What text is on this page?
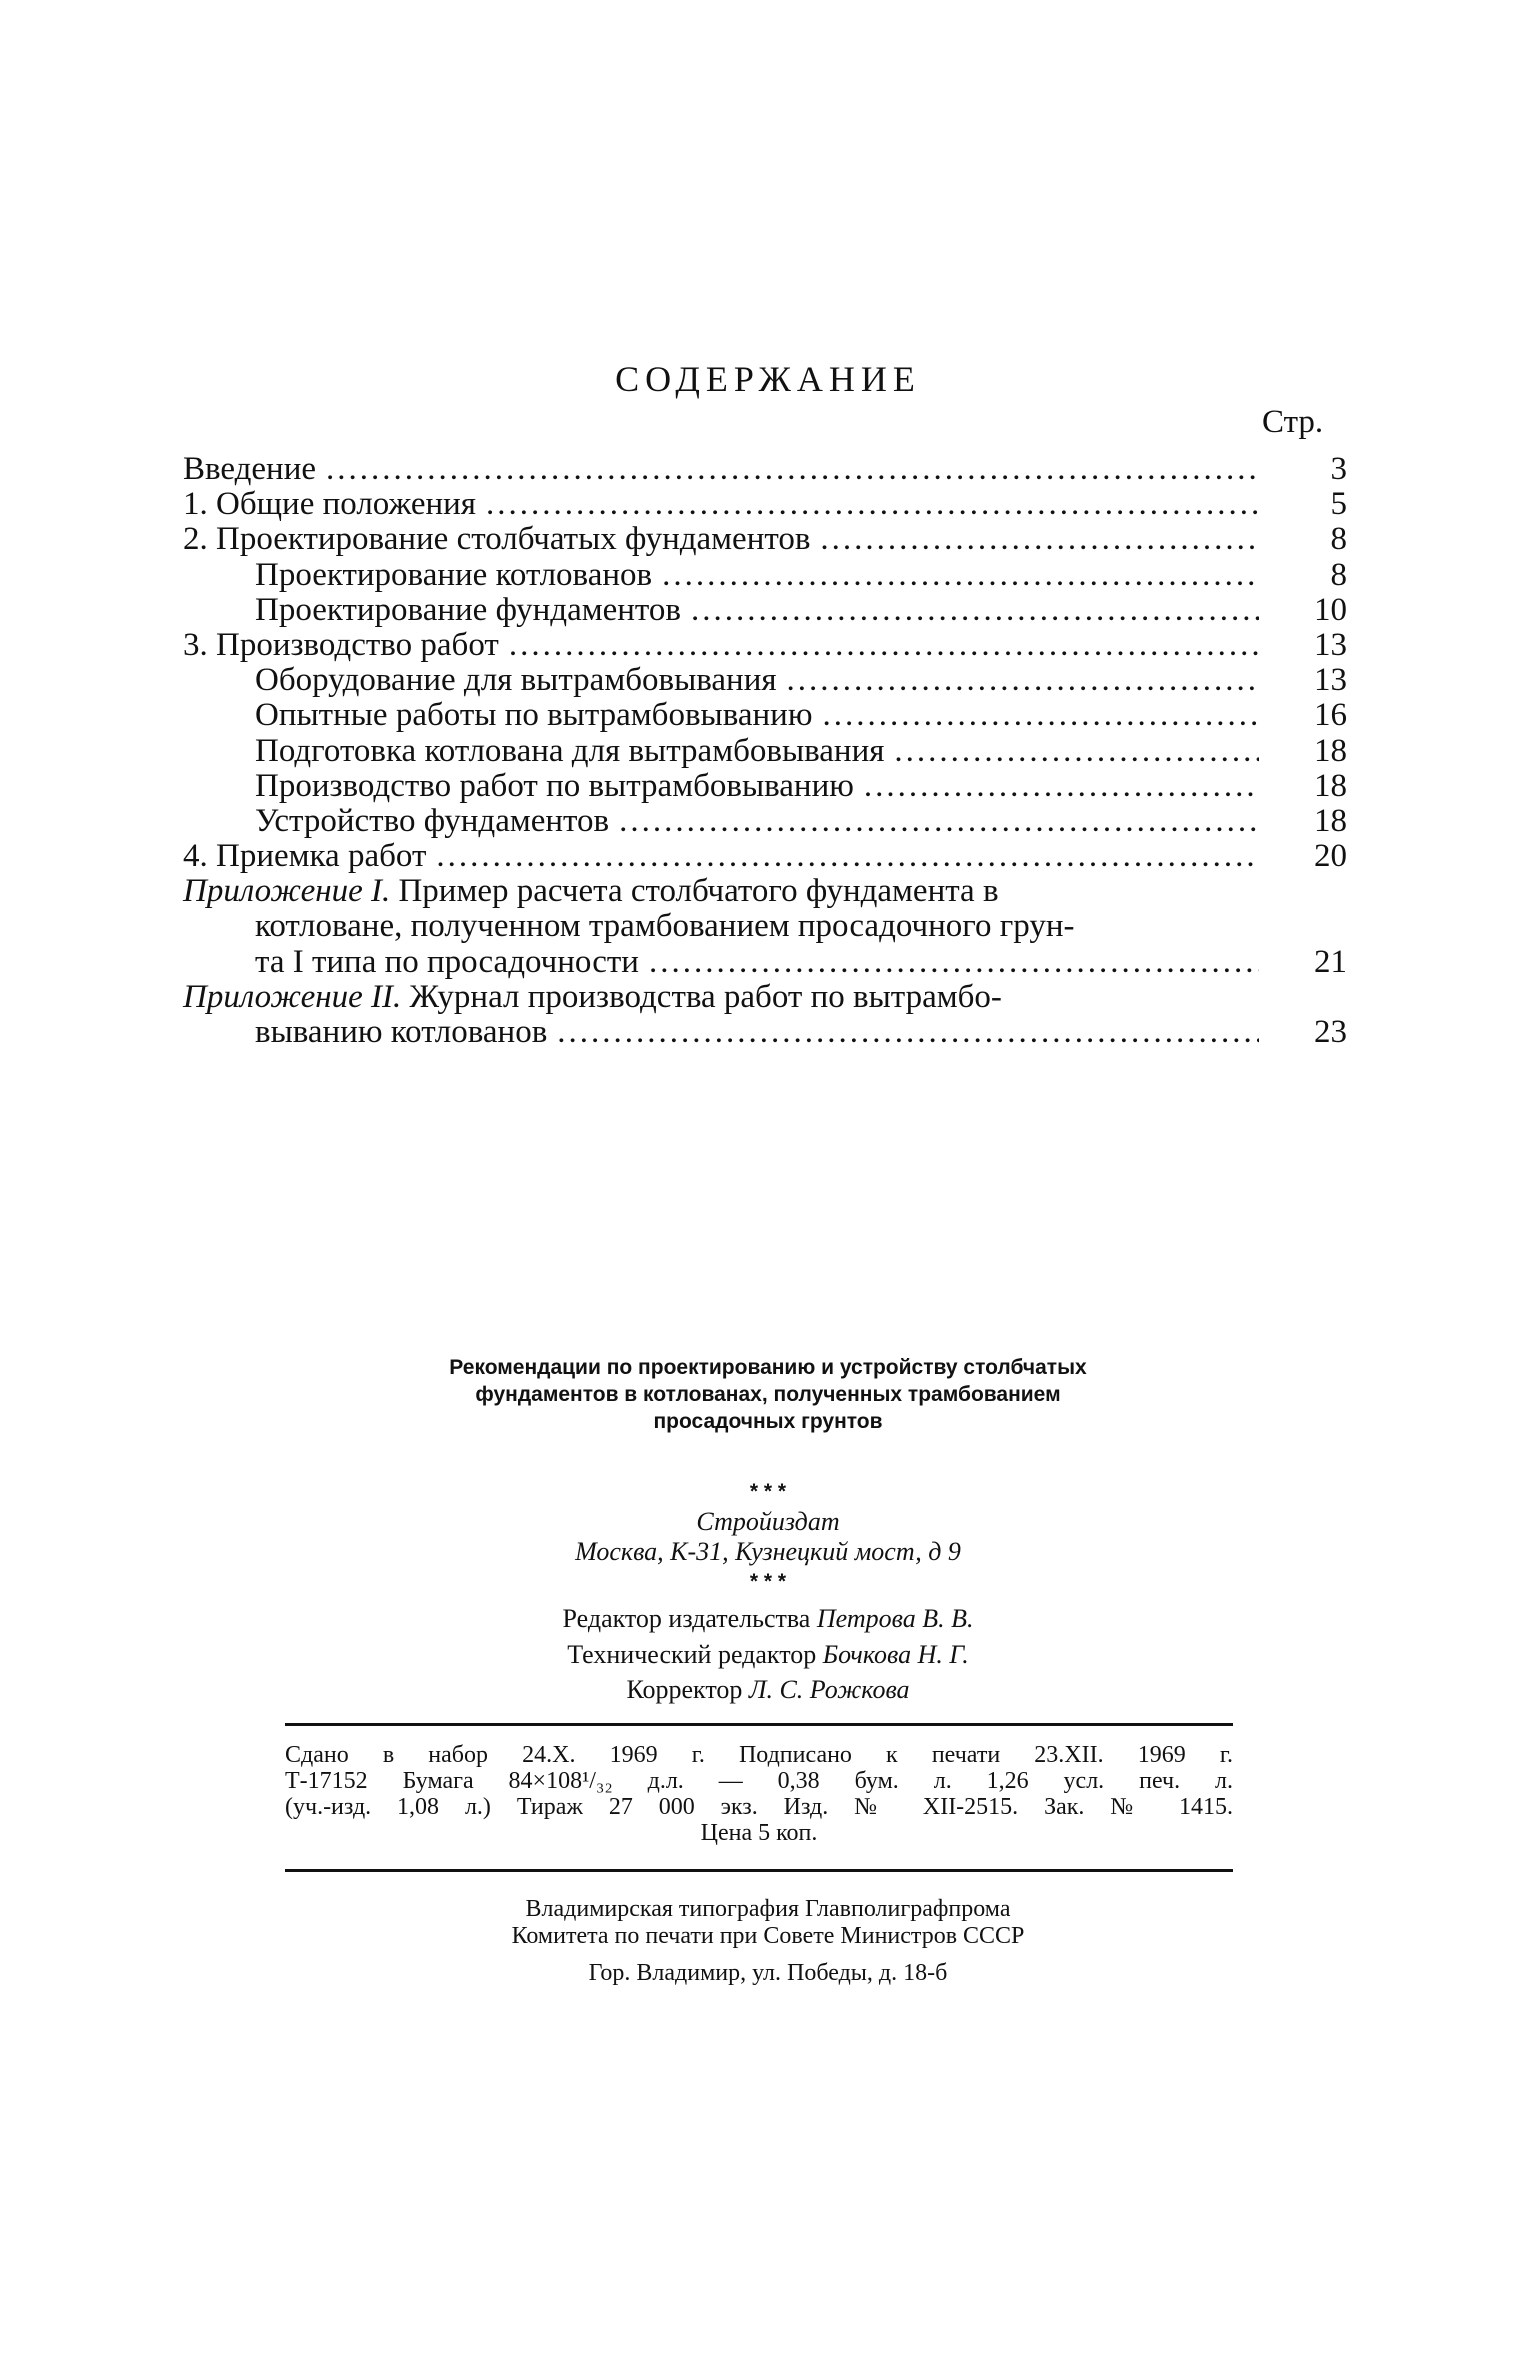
СОДЕРЖАНИЕ
Стр.
Введение .....	3
1. Общие положения .....	5
2. Проектирование столбчатых фундаментов .....	8
Проектирование котлованов .....	8
Проектирование фундаментов .....	10
3. Производство работ .....	13
Оборудование для вытрамбовывания .....	13
Опытные работы по вытрамбовыванию .....	16
Подготовка котлована для вытрамбовывания .....	18
Производство работ по вытрамбовыванию .....	18
Устройство фундаментов .....	18
4. Приемка работ .....	20
Приложение I. Пример расчета столбчатого фундамента в
котловане, полученном трамбованием просадочного грун-
та I типа по просадочности .....	21
Приложение II. Журнал производства работ по вытрамбо-
выванию котлованов .....	23
Рекомендации по проектированию и устройству столбчатых
фундаментов в котлованах, полученных трамбованием
просадочных грунтов
* * *
Стройиздат
Москва, К-31, Кузнецкий мост, д 9
* * *
Редактор издательства Петрова В. В.
Технический редактор Бочкова Н. Г.
Корректор Л. С. Рожкова
Сдано в набор 24.X. 1969 г. Подписано к печати 23.XII. 1969 г.
Т-17152 Бумага 84×108¹/₃₂ д.л. — 0,38 бум. л. 1,26 усл. печ. л.
(уч.-изд. 1,08 л.) Тираж 27 000 экз. Изд. № XII-2515. Зак. № 1415.
Цена 5 коп.
Владимирская типография Главполиграфпрома
Комитета по печати при Совете Министров СССР
Гор. Владимир, ул. Победы, д. 18-б
